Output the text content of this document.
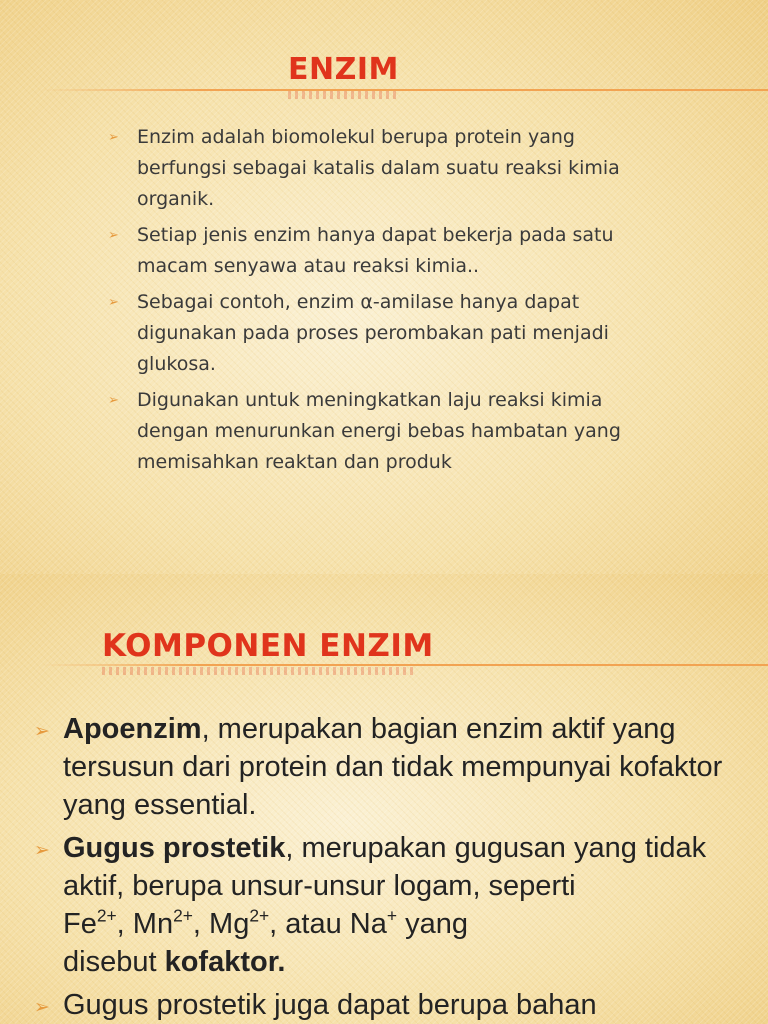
ENZIM
➢ Enzim adalah biomolekul berupa protein yang berfungsi sebagai katalis dalam suatu reaksi kimia organik.
➢ Setiap jenis enzim hanya dapat bekerja pada satu macam senyawa atau reaksi kimia..
➢ Sebagai contoh, enzim α-amilase hanya dapat digunakan pada proses perombakan pati menjadi glukosa.
➢ Digunakan untuk meningkatkan laju reaksi kimia dengan menurunkan energi bebas hambatan yang memisahkan reaktan dan produk
KOMPONEN ENZIM
➢ Apoenzim, merupakan bagian enzim aktif yang tersusun dari protein dan tidak mempunyai kofaktor yang essential.
➢ Gugus prostetik, merupakan gugusan yang tidak aktif, berupa unsur-unsur logam, seperti
$Fe^{2+}$, $Mn^{2+}$, $Mg^{2+}$, atau Na+ yang
disebut kofaktor.
➢ Gugus prostetik juga dapat berupa bahan
